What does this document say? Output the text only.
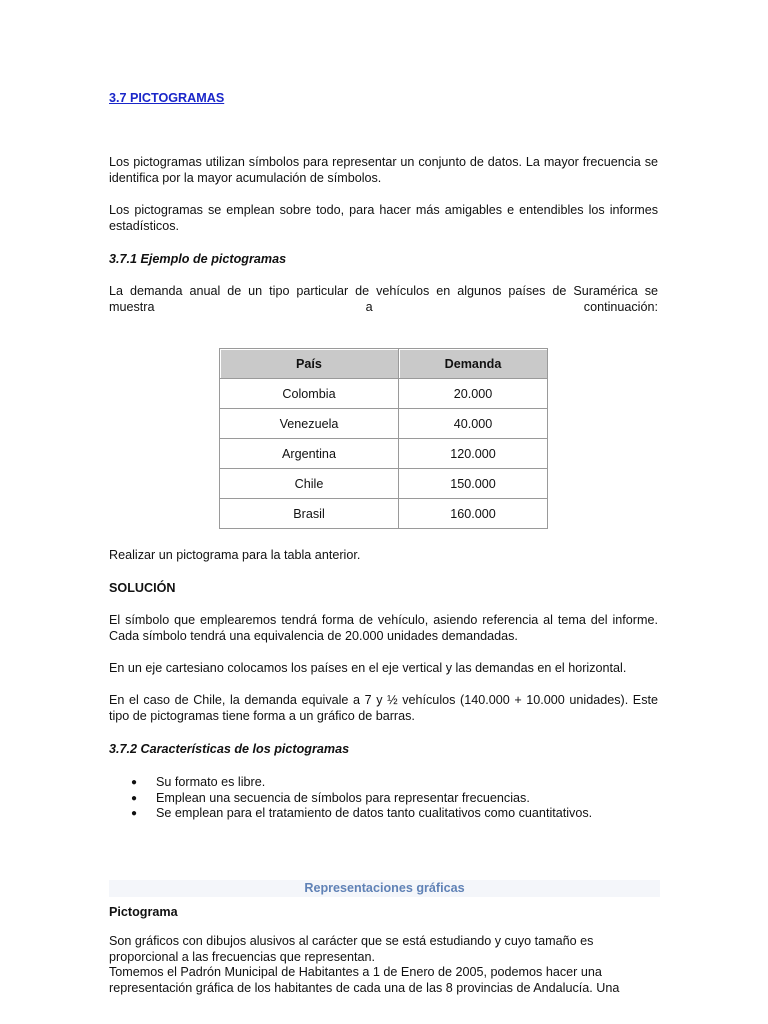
3.7 PICTOGRAMAS

Los pictogramas utilizan símbolos para representar un conjunto de datos. La mayor frecuencia se identifica por la mayor acumulación de símbolos.

Los pictogramas se emplean sobre todo, para hacer más amigables e entendibles los informes estadísticos.

3.7.1 Ejemplo de pictogramas

La demanda anual de un tipo particular de vehículos en algunos países de Suramérica se
muestra a continuación:

País	Demanda
Colombia	20.000
Venezuela	40.000
Argentina	120.000
Chile	150.000
Brasil	160.000

Realizar un pictograma para la tabla anterior.

SOLUCIÓN

El símbolo que emplearemos tendrá forma de vehículo, asiendo referencia al tema del informe. Cada símbolo tendrá una equivalencia de 20.000 unidades demandadas.

En un eje cartesiano colocamos los países en el eje vertical y las demandas en el horizontal.

En el caso de Chile, la demanda equivale a 7 y ½ vehículos (140.000 + 10.000 unidades). Este tipo de pictogramas tiene forma a un gráfico de barras.

3.7.2 Características de los pictogramas

● Su formato es libre.
● Emplean una secuencia de símbolos para representar frecuencias.
● Se emplean para el tratamiento de datos tanto cualitativos como cuantitativos.
Representaciones gráficas

Pictograma

Son gráficos con dibujos alusivos al carácter que se está estudiando y cuyo tamaño es
proporcional a las frecuencias que representan.
Tomemos el Padrón Municipal de Habitantes a 1 de Enero de 2005, podemos hacer una
representación gráfica de los habitantes de cada una de las 8 provincias de Andalucía. Una
